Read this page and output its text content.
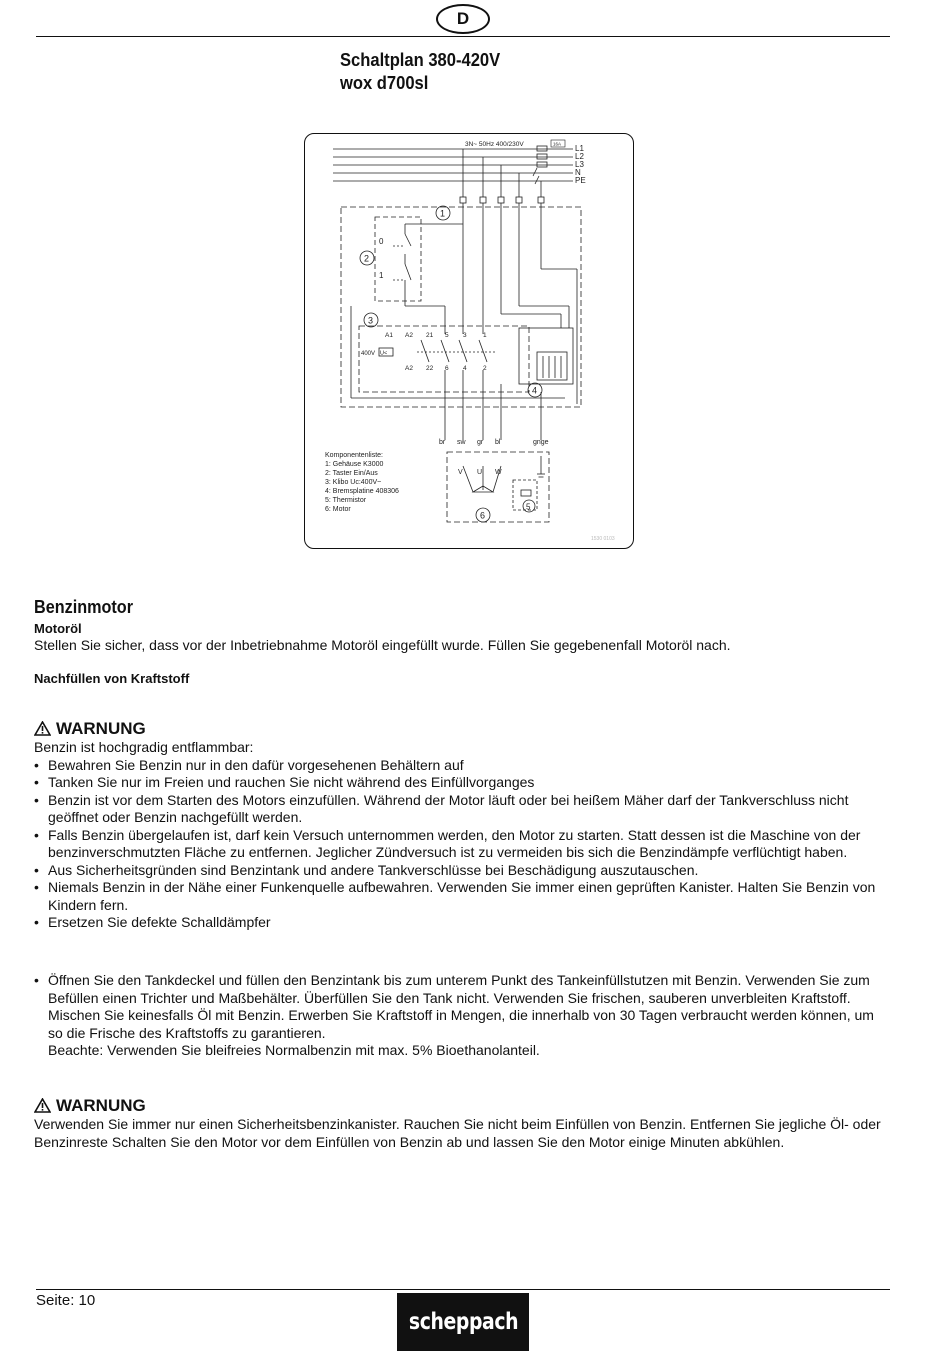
D
Schaltplan 380-420V
wox d700sl
3N~ 50Hz 400/230V	16A L1
L2
L3
N
PE
1
2
0
1
3
A1 A2 21 5 3	1
A2 22 6 4	2
400V U<
4
br sw gr bl	gnge
V U W
6
5
Komponentenliste:
1: Gehäuse K3000
2: Taster Ein/Aus
3: Klibo Uc:400V~
4: Bremsplatine 408306
5: Thermistor
6: Motor
1530 0103
Benzinmotor
Motoröl
Stellen Sie sicher, dass vor der Inbetriebnahme Motoröl eingefüllt wurde. Füllen Sie gegebenenfall Motoröl nach.
Nachfüllen von Kraftstoff
WARNUNG
Benzin ist hochgradig entflammbar:
• Bewahren Sie Benzin nur in den dafür vorgesehenen Behältern auf
• Tanken Sie nur im Freien und rauchen Sie nicht während des Einfüllvorganges
• Benzin ist vor dem Starten des Motors einzufüllen. Während der Motor läuft oder bei heißem Mäher darf der Tankverschluss nicht geöffnet oder Benzin nachgefüllt werden.
• Falls Benzin übergelaufen ist, darf kein Versuch unternommen werden, den Motor zu starten. Statt dessen ist die Maschine von der benzinverschmutzten Fläche zu entfernen. Jeglicher Zündversuch ist zu vermeiden bis sich die Benzindämpfe verflüchtigt haben.
• Aus Sicherheitsgründen sind Benzintank und andere Tankverschlüsse bei Beschädigung auszutauschen.
• Niemals Benzin in der Nähe einer Funkenquelle aufbewahren. Verwenden Sie immer einen geprüften Kanister. Halten Sie Benzin von Kindern fern.
• Ersetzen Sie defekte Schalldämpfer
• Öffnen Sie den Tankdeckel und füllen den Benzintank bis zum unterem Punkt des Tankeinfüllstutzen mit Benzin. Verwenden Sie zum Befüllen einen Trichter und Maßbehälter. Überfüllen Sie den Tank nicht. Verwenden Sie frischen, sauberen unverbleiten Kraftstoff.
Mischen Sie keinesfalls Öl mit Benzin. Erwerben Sie Kraftstoff in Mengen, die innerhalb von 30 Tagen verbraucht werden können, um so die Frische des Kraftstoffs zu garantieren.
Beachte: Verwenden Sie bleifreies Normalbenzin mit max. 5% Bioethanolanteil.
WARNUNG
Verwenden Sie immer nur einen Sicherheitsbenzinkanister. Rauchen Sie nicht beim Einfüllen von Benzin. Entfernen Sie jegliche Öl- oder Benzinreste Schalten Sie den Motor vor dem Einfüllen von Benzin ab und lassen Sie den Motor einige Minuten abkühlen.
Seite: 10
scheppach
